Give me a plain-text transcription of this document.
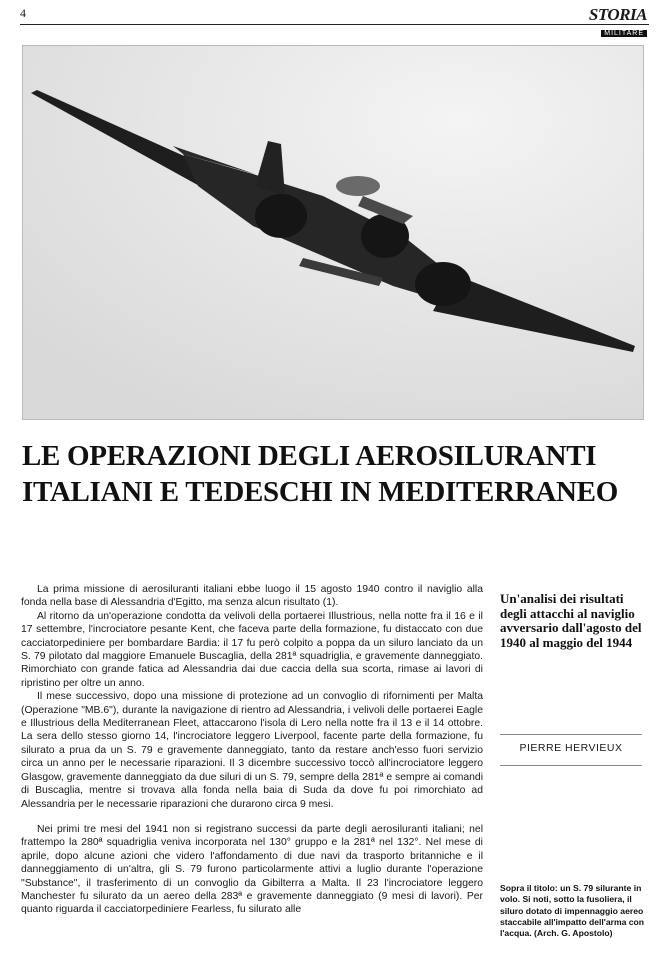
4	STORIA
MILITARE
LE OPERAZIONI DEGLI AEROSILURANTI
ITALIANI E TEDESCHI IN MEDITERRANEO

La prima missione di aerosiluranti italiani ebbe luogo il 15 agosto 1940 contro il naviglio alla fonda nella base di Alessandria d'Egitto, ma senza alcun risultato (1).

Al ritorno da un'operazione condotta da velivoli della portaerei Illustrious, nella notte fra il 16 e il 17 settembre, l'incrociatore pesante Kent, che faceva parte della formazione, fu distaccato con due cacciatorpediniere per bombardare Bardia: il 17 fu però colpito a poppa da un siluro lanciato da un S. 79 pilotato dal maggiore Emanuele Buscaglia, della 281ª squadriglia, e gravemente danneggiato. Rimorchiato con grande fatica ad Alessandria dai due caccia della sua scorta, rimase ai lavori di ripristino per oltre un anno.

Il mese successivo, dopo una missione di protezione ad un convoglio di rifornimenti per Malta (Operazione "MB.6"), durante la navigazione di rientro ad Alessandria, i velivoli delle portaerei Eagle e Illustrious della Mediterranean Fleet, attaccarono l'isola di Lero nella notte fra il 13 e il 14 ottobre. La sera dello stesso giorno 14, l'incrociatore leggero Liverpool, facente parte della formazione, fu silurato a prua da un S. 79 e gravemente danneggiato, tanto da restare anch'esso fuori servizio circa un anno per le necessarie riparazioni. Il 3 dicembre successivo toccò all'incrociatore leggero Glasgow, gravemente danneggiato da due siluri di un S. 79, sempre della 281ª e sempre ai comandi di Buscaglia, mentre si trovava alla fonda nella baia di Suda da dove fu poi rimorchiato ad Alessandria per le necessarie riparazioni che durarono circa 9 mesi.

Nei primi tre mesi del 1941 non si registrano successi da parte degli aerosiluranti italiani; nel frattempo la 280ª squadriglia veniva incorporata nel 130° gruppo e la 281ª nel 132°. Nel mese di aprile, dopo alcune azioni che videro l'affondamento di due navi da trasporto britanniche e il danneggiamento di un'altra, gli S. 79 furono particolarmente attivi a luglio durante l'operazione "Substance", il trasferimento di un convoglio da Gibilterra a Malta. Il 23 l'incrociatore leggero Manchester fu silurato da un aereo della 283ª e gravemente danneggiato (9 mesi di lavori). Per quanto riguarda il cacciatorpediniere Fearless, fu silurato alle

Un'analisi dei risultati degli attacchi al naviglio avversario dall'agosto del 1940 al maggio del 1944
PIERRE HERVIEUX
Sopra il titolo: un S. 79 silurante in volo. Si noti, sotto la fusoliera, il siluro dotato di impennaggio aereo staccabile all'impatto dell'arma con l'acqua. (Arch. G. Apostolo)
